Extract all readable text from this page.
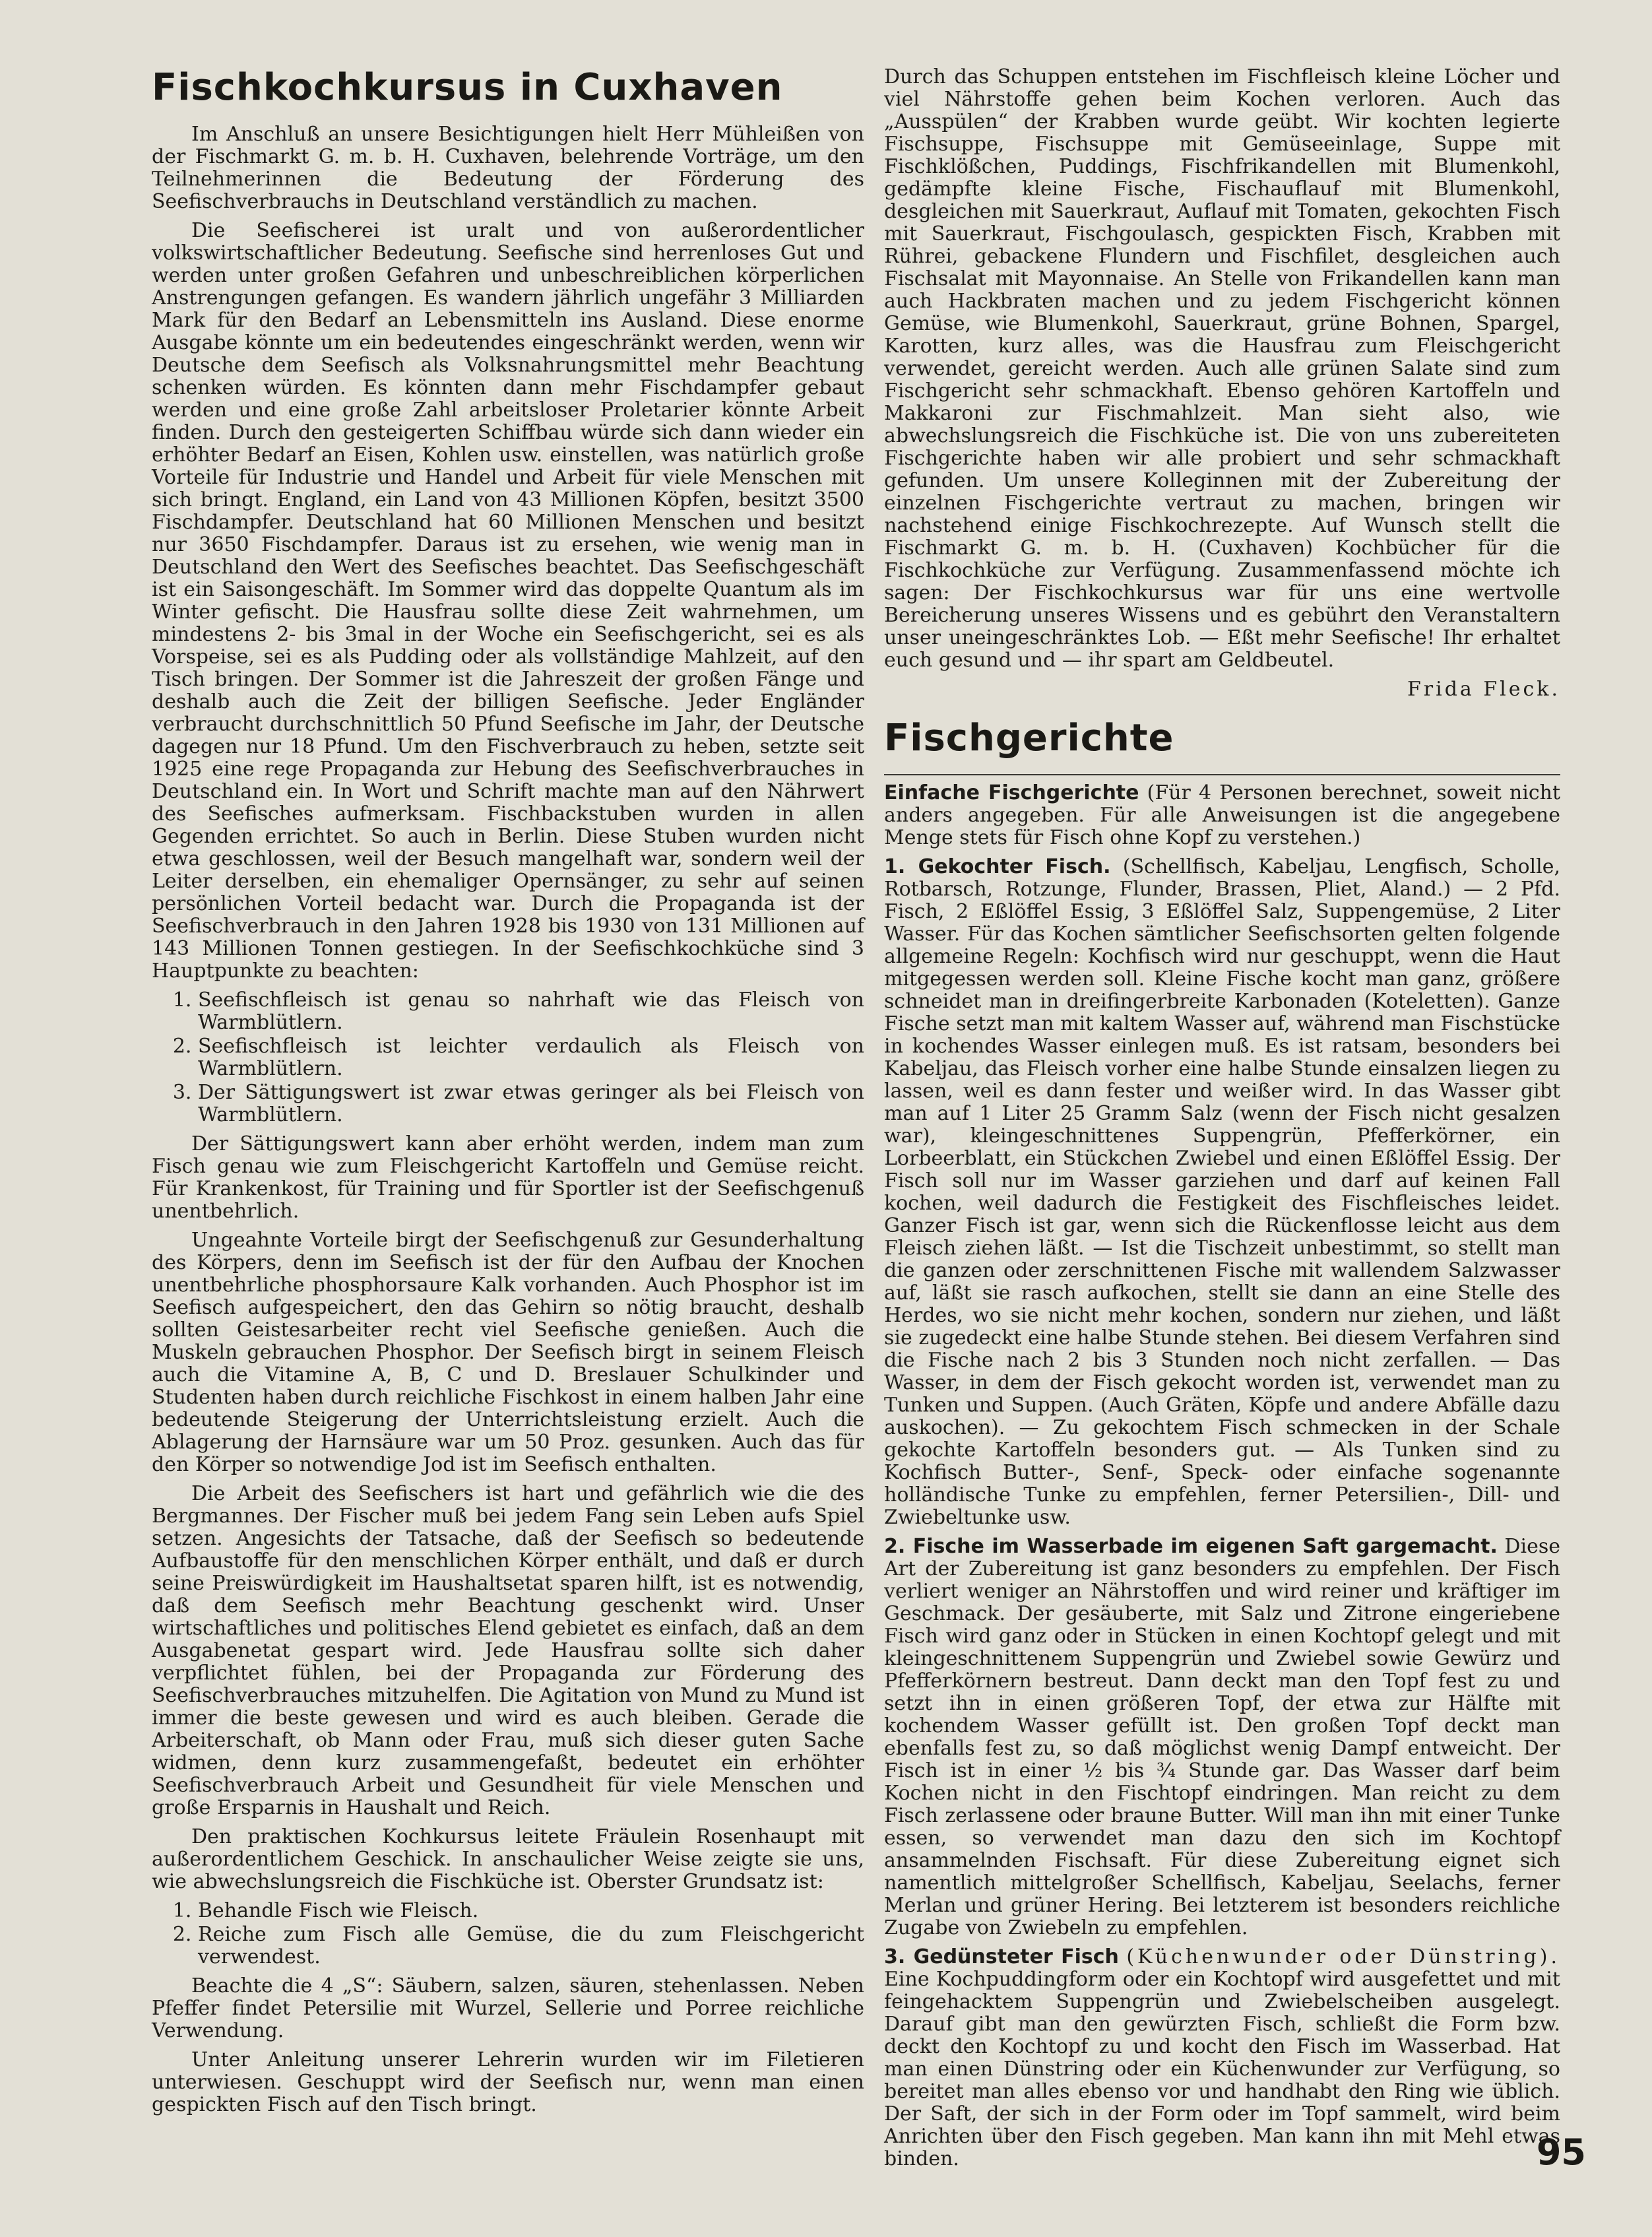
Fischkochkursus in Cuxhaven

Im Anschluß an unsere Besichtigungen hielt Herr Mühleißen von der Fischmarkt G. m. b. H. Cuxhaven, belehrende Vorträge, um den Teilnehmerinnen die Bedeutung der Förderung des Seefischverbrauchs in Deutschland verständlich zu machen.

Die Seefischerei ist uralt und von außerordentlicher volkswirtschaftlicher Bedeutung. Seefische sind herrenloses Gut und werden unter großen Gefahren und unbeschreiblichen körperlichen Anstrengungen gefangen. Es wandern jährlich ungefähr 3 Milliarden Mark für den Bedarf an Lebensmitteln ins Ausland. Diese enorme Ausgabe könnte um ein bedeutendes eingeschränkt werden, wenn wir Deutsche dem Seefisch als Volksnahrungsmittel mehr Beachtung schenken würden. Es könnten dann mehr Fischdampfer gebaut werden und eine große Zahl arbeitsloser Proletarier könnte Arbeit finden. Durch den gesteigerten Schiffbau würde sich dann wieder ein erhöhter Bedarf an Eisen, Kohlen usw. einstellen, was natürlich große Vorteile für Industrie und Handel und Arbeit für viele Menschen mit sich bringt. England, ein Land von 43 Millionen Köpfen, besitzt 3500 Fischdampfer. Deutschland hat 60 Millionen Menschen und besitzt nur 3650 Fischdampfer. Daraus ist zu ersehen, wie wenig man in Deutschland den Wert des Seefisches beachtet. Das Seefischgeschäft ist ein Saisongeschäft. Im Sommer wird das doppelte Quantum als im Winter gefischt. Die Hausfrau sollte diese Zeit wahrnehmen, um mindestens 2- bis 3mal in der Woche ein Seefischgericht, sei es als Vorspeise, sei es als Pudding oder als vollständige Mahlzeit, auf den Tisch bringen. Der Sommer ist die Jahreszeit der großen Fänge und deshalb auch die Zeit der billigen Seefische. Jeder Engländer verbraucht durchschnittlich 50 Pfund Seefische im Jahr, der Deutsche dagegen nur 18 Pfund. Um den Fischverbrauch zu heben, setzte seit 1925 eine rege Propaganda zur Hebung des Seefischverbrauches in Deutschland ein. In Wort und Schrift machte man auf den Nährwert des Seefisches aufmerksam. Fischbackstuben wurden in allen Gegenden errichtet. So auch in Berlin. Diese Stuben wurden nicht etwa geschlossen, weil der Besuch mangelhaft war, sondern weil der Leiter derselben, ein ehemaliger Opernsänger, zu sehr auf seinen persönlichen Vorteil bedacht war. Durch die Propaganda ist der Seefischverbrauch in den Jahren 1928 bis 1930 von 131 Millionen auf 143 Millionen Tonnen gestiegen. In der Seefischkochküche sind 3 Hauptpunkte zu beachten:

1. Seefischfleisch ist genau so nahrhaft wie das Fleisch von Warmblütlern.
2. Seefischfleisch ist leichter verdaulich als Fleisch von Warmblütlern.
3. Der Sättigungswert ist zwar etwas geringer als bei Fleisch von Warmblütlern.

Der Sättigungswert kann aber erhöht werden, indem man zum Fisch genau wie zum Fleischgericht Kartoffeln und Gemüse reicht. Für Krankenkost, für Training und für Sportler ist der Seefischgenuß unentbehrlich.

Ungeahnte Vorteile birgt der Seefischgenuß zur Gesunderhaltung des Körpers, denn im Seefisch ist der für den Aufbau der Knochen unentbehrliche phosphorsaure Kalk vorhanden. Auch Phosphor ist im Seefisch aufgespeichert, den das Gehirn so nötig braucht, deshalb sollten Geistesarbeiter recht viel Seefische genießen. Auch die Muskeln gebrauchen Phosphor. Der Seefisch birgt in seinem Fleisch auch die Vitamine A, B, C und D. Breslauer Schulkinder und Studenten haben durch reichliche Fischkost in einem halben Jahr eine bedeutende Steigerung der Unterrichtsleistung erzielt. Auch die Ablagerung der Harnsäure war um 50 Proz. gesunken. Auch das für den Körper so notwendige Jod ist im Seefisch enthalten.

Die Arbeit des Seefischers ist hart und gefährlich wie die des Bergmannes. Der Fischer muß bei jedem Fang sein Leben aufs Spiel setzen. Angesichts der Tatsache, daß der Seefisch so bedeutende Aufbaustoffe für den menschlichen Körper enthält, und daß er durch seine Preiswürdigkeit im Haushaltsetat sparen hilft, ist es notwendig, daß dem Seefisch mehr Beachtung geschenkt wird. Unser wirtschaftliches und politisches Elend gebietet es einfach, daß an dem Ausgabenetat gespart wird. Jede Hausfrau sollte sich daher verpflichtet fühlen, bei der Propaganda zur Förderung des Seefischverbrauches mitzuhelfen. Die Agitation von Mund zu Mund ist immer die beste gewesen und wird es auch bleiben. Gerade die Arbeiterschaft, ob Mann oder Frau, muß sich dieser guten Sache widmen, denn kurz zusammengefaßt, bedeutet ein erhöhter Seefischverbrauch Arbeit und Gesundheit für viele Menschen und große Ersparnis in Haushalt und Reich.

Den praktischen Kochkursus leitete Fräulein Rosenhaupt mit außerordentlichem Geschick. In anschaulicher Weise zeigte sie uns, wie abwechslungsreich die Fischküche ist. Oberster Grundsatz ist:

1. Behandle Fisch wie Fleisch.
2. Reiche zum Fisch alle Gemüse, die du zum Fleischgericht verwendest.

Beachte die 4 „S“: Säubern, salzen, säuren, stehenlassen. Neben Pfeffer findet Petersilie mit Wurzel, Sellerie und Porree reichliche Verwendung.

Unter Anleitung unserer Lehrerin wurden wir im Filetieren unterwiesen. Geschuppt wird der Seefisch nur, wenn man einen gespickten Fisch auf den Tisch bringt.

Durch das Schuppen entstehen im Fischfleisch kleine Löcher und viel Nährstoffe gehen beim Kochen verloren. Auch das „Ausspülen“ der Krabben wurde geübt. Wir kochten legierte Fischsuppe, Fischsuppe mit Gemüseeinlage, Suppe mit Fischklößchen, Puddings, Fischfrikandellen mit Blumenkohl, gedämpfte kleine Fische, Fischauflauf mit Blumenkohl, desgleichen mit Sauerkraut, Auflauf mit Tomaten, gekochten Fisch mit Sauerkraut, Fischgoulasch, gespickten Fisch, Krabben mit Rührei, gebackene Flundern und Fischfilet, desgleichen auch Fischsalat mit Mayonnaise. An Stelle von Frikandellen kann man auch Hackbraten machen und zu jedem Fischgericht können Gemüse, wie Blumenkohl, Sauerkraut, grüne Bohnen, Spargel, Karotten, kurz alles, was die Hausfrau zum Fleischgericht verwendet, gereicht werden. Auch alle grünen Salate sind zum Fischgericht sehr schmackhaft. Ebenso gehören Kartoffeln und Makkaroni zur Fischmahlzeit. Man sieht also, wie abwechslungsreich die Fischküche ist. Die von uns zubereiteten Fischgerichte haben wir alle probiert und sehr schmackhaft gefunden. Um unsere Kolleginnen mit der Zubereitung der einzelnen Fischgerichte vertraut zu machen, bringen wir nachstehend einige Fischkochrezepte. Auf Wunsch stellt die Fischmarkt G. m. b. H. (Cuxhaven) Kochbücher für die Fischkochküche zur Verfügung. Zusammenfassend möchte ich sagen: Der Fischkochkursus war für uns eine wertvolle Bereicherung unseres Wissens und es gebührt den Veranstaltern unser uneingeschränktes Lob. — Eßt mehr Seefische! Ihr erhaltet euch gesund und — ihr spart am Geldbeutel.

Frida Fleck.

Fischgerichte

Einfache Fischgerichte (Für 4 Personen berechnet, soweit nicht anders angegeben. Für alle Anweisungen ist die angegebene Menge stets für Fisch ohne Kopf zu verstehen.)

1. Gekochter Fisch. (Schellfisch, Kabeljau, Lengfisch, Scholle, Rotbarsch, Rotzunge, Flunder, Brassen, Pliet, Aland.) — 2 Pfd. Fisch, 2 Eßlöffel Essig, 3 Eßlöffel Salz, Suppengemüse, 2 Liter Wasser. Für das Kochen sämtlicher Seefischsorten gelten folgende allgemeine Regeln: Kochfisch wird nur geschuppt, wenn die Haut mitgegessen werden soll. Kleine Fische kocht man ganz, größere schneidet man in dreifingerbreite Karbonaden (Koteletten). Ganze Fische setzt man mit kaltem Wasser auf, während man Fischstücke in kochendes Wasser einlegen muß. Es ist ratsam, besonders bei Kabeljau, das Fleisch vorher eine halbe Stunde einsalzen liegen zu lassen, weil es dann fester und weißer wird. In das Wasser gibt man auf 1 Liter 25 Gramm Salz (wenn der Fisch nicht gesalzen war), kleingeschnittenes Suppengrün, Pfefferkörner, ein Lorbeerblatt, ein Stückchen Zwiebel und einen Eßlöffel Essig. Der Fisch soll nur im Wasser garziehen und darf auf keinen Fall kochen, weil dadurch die Festigkeit des Fischfleisches leidet. Ganzer Fisch ist gar, wenn sich die Rückenflosse leicht aus dem Fleisch ziehen läßt. — Ist die Tischzeit unbestimmt, so stellt man die ganzen oder zerschnittenen Fische mit wallendem Salzwasser auf, läßt sie rasch aufkochen, stellt sie dann an eine Stelle des Herdes, wo sie nicht mehr kochen, sondern nur ziehen, und läßt sie zugedeckt eine halbe Stunde stehen. Bei diesem Verfahren sind die Fische nach 2 bis 3 Stunden noch nicht zerfallen. — Das Wasser, in dem der Fisch gekocht worden ist, verwendet man zu Tunken und Suppen. (Auch Gräten, Köpfe und andere Abfälle dazu auskochen). — Zu gekochtem Fisch schmecken in der Schale gekochte Kartoffeln besonders gut. — Als Tunken sind zu Kochfisch Butter-, Senf-, Speck- oder einfache sogenannte holländische Tunke zu empfehlen, ferner Petersilien-, Dill- und Zwiebeltunke usw.

2. Fische im Wasserbade im eigenen Saft gargemacht. Diese Art der Zubereitung ist ganz besonders zu empfehlen. Der Fisch verliert weniger an Nährstoffen und wird reiner und kräftiger im Geschmack. Der gesäuberte, mit Salz und Zitrone eingeriebene Fisch wird ganz oder in Stücken in einen Kochtopf gelegt und mit kleingeschnittenem Suppengrün und Zwiebel sowie Gewürz und Pfefferkörnern bestreut. Dann deckt man den Topf fest zu und setzt ihn in einen größeren Topf, der etwa zur Hälfte mit kochendem Wasser gefüllt ist. Den großen Topf deckt man ebenfalls fest zu, so daß möglichst wenig Dampf entweicht. Der Fisch ist in einer ½ bis ¾ Stunde gar. Das Wasser darf beim Kochen nicht in den Fischtopf eindringen. Man reicht zu dem Fisch zerlassene oder braune Butter. Will man ihn mit einer Tunke essen, so verwendet man dazu den sich im Kochtopf ansammelnden Fischsaft. Für diese Zubereitung eignet sich namentlich mittelgroßer Schellfisch, Kabeljau, Seelachs, ferner Merlan und grüner Hering. Bei letzterem ist besonders reichliche Zugabe von Zwiebeln zu empfehlen.

3. Gedünsteter Fisch (Küchenwunder oder Dünstring). Eine Kochpuddingform oder ein Kochtopf wird ausgefettet und mit feingehacktem Suppengrün und Zwiebelscheiben ausgelegt. Darauf gibt man den gewürzten Fisch, schließt die Form bzw. deckt den Kochtopf zu und kocht den Fisch im Wasserbad. Hat man einen Dünstring oder ein Küchenwunder zur Verfügung, so bereitet man alles ebenso vor und handhabt den Ring wie üblich. Der Saft, der sich in der Form oder im Topf sammelt, wird beim Anrichten über den Fisch gegeben. Man kann ihn mit Mehl etwas binden.	95
